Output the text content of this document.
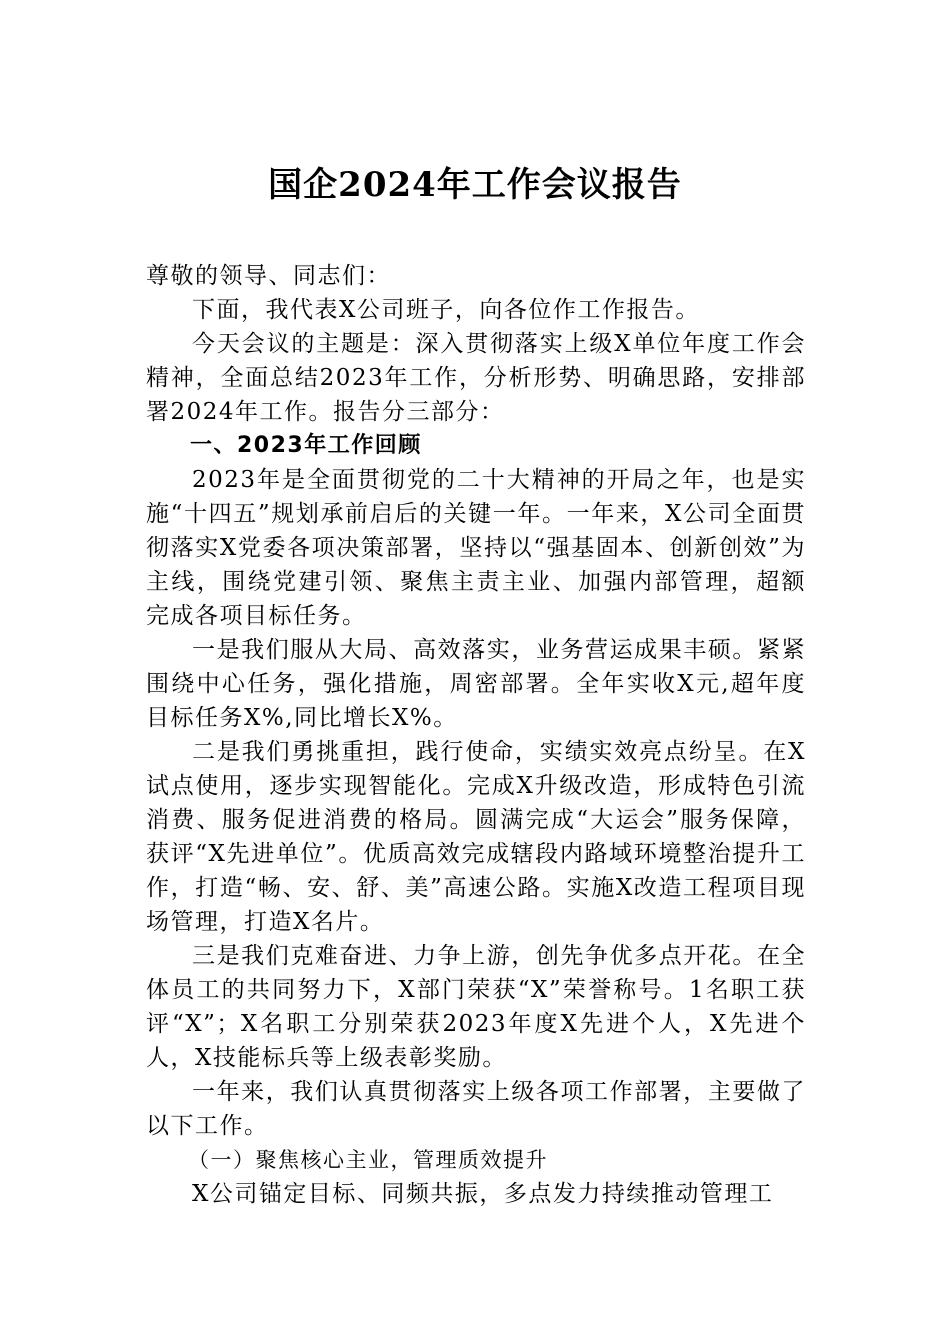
国企2024年工作会议报告

尊敬的领导、同志们：

下面，我代表X公司班子，向各位作工作报告。

今天会议的主题是：深入贯彻落实上级X单位年度工作会精神，全面总结2023年工作，分析形势、明确思路，安排部署2024年工作。报告分三部分：

一、2023年工作回顾

2023年是全面贯彻党的二十大精神的开局之年，也是实施“十四五”规划承前启后的关键一年。一年来，X公司全面贯彻落实X党委各项决策部署，坚持以“强基固本、创新创效”为主线，围绕党建引领、聚焦主责主业、加强内部管理，超额完成各项目标任务。

一是我们服从大局、高效落实，业务营运成果丰硕。紧紧围绕中心任务，强化措施，周密部署。全年实收X元,超年度目标任务X%,同比增长X%。

二是我们勇挑重担，践行使命，实绩实效亮点纷呈。在X试点使用，逐步实现智能化。完成X升级改造，形成特色引流消费、服务促进消费的格局。圆满完成“大运会”服务保障，获评“X先进单位”。优质高效完成辖段内路域环境整治提升工作，打造“畅、安、舒、美”高速公路。实施X改造工程项目现场管理，打造X名片。

三是我们克难奋进、力争上游，创先争优多点开花。在全体员工的共同努力下，X部门荣获“X”荣誉称号。1名职工获评“X”；X名职工分别荣获2023年度X先进个人，X先进个人，X技能标兵等上级表彰奖励。

一年来，我们认真贯彻落实上级各项工作部署，主要做了以下工作。

（一）聚焦核心主业，管理质效提升

X公司锚定目标、同频共振，多点发力持续推动管理工
